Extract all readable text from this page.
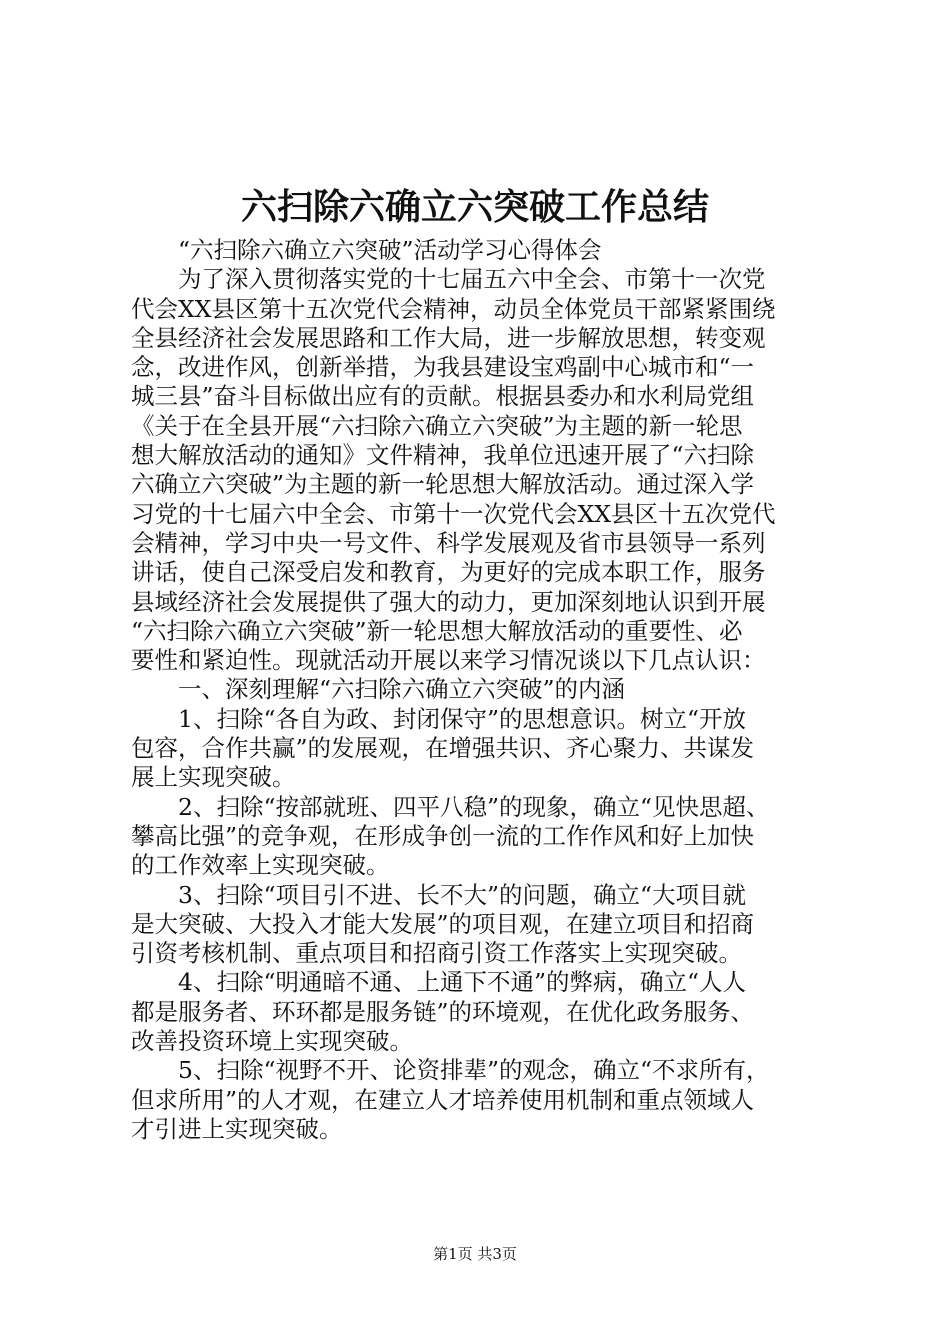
六扫除六确立六突破工作总结
“六扫除六确立六突破”活动学习心得体会
为了深入贯彻落实党的十七届五六中全会、市第十一次党
代会XX县区第十五次党代会精神，动员全体党员干部紧紧围绕
全县经济社会发展思路和工作大局，进一步解放思想，转变观
念，改进作风，创新举措，为我县建设宝鸡副中心城市和“一
城三县”奋斗目标做出应有的贡献。根据县委办和水利局党组
《关于在全县开展“六扫除六确立六突破”为主题的新一轮思
想大解放活动的通知》文件精神，我单位迅速开展了“六扫除
六确立六突破”为主题的新一轮思想大解放活动。通过深入学
习党的十七届六中全会、市第十一次党代会XX县区十五次党代
会精神，学习中央一号文件、科学发展观及省市县领导一系列
讲话，使自己深受启发和教育，为更好的完成本职工作，服务
县域经济社会发展提供了强大的动力，更加深刻地认识到开展
“六扫除六确立六突破”新一轮思想大解放活动的重要性、必
要性和紧迫性。现就活动开展以来学习情况谈以下几点认识：
一、深刻理解“六扫除六确立六突破”的内涵
1、扫除“各自为政、封闭保守”的思想意识。树立“开放
包容，合作共赢”的发展观，在增强共识、齐心聚力、共谋发
展上实现突破。
2、扫除“按部就班、四平八稳”的现象，确立“见快思超、
攀高比强”的竞争观，在形成争创一流的工作作风和好上加快
的工作效率上实现突破。
3、扫除“项目引不进、长不大”的问题，确立“大项目就
是大突破、大投入才能大发展”的项目观，在建立项目和招商
引资考核机制、重点项目和招商引资工作落实上实现突破。
4、扫除“明通暗不通、上通下不通”的弊病，确立“人人
都是服务者、环环都是服务链”的环境观，在优化政务服务、
改善投资环境上实现突破。
5、扫除“视野不开、论资排辈”的观念，确立“不求所有，
但求所用”的人才观，在建立人才培养使用机制和重点领域人
才引进上实现突破。
第1页 共3页
